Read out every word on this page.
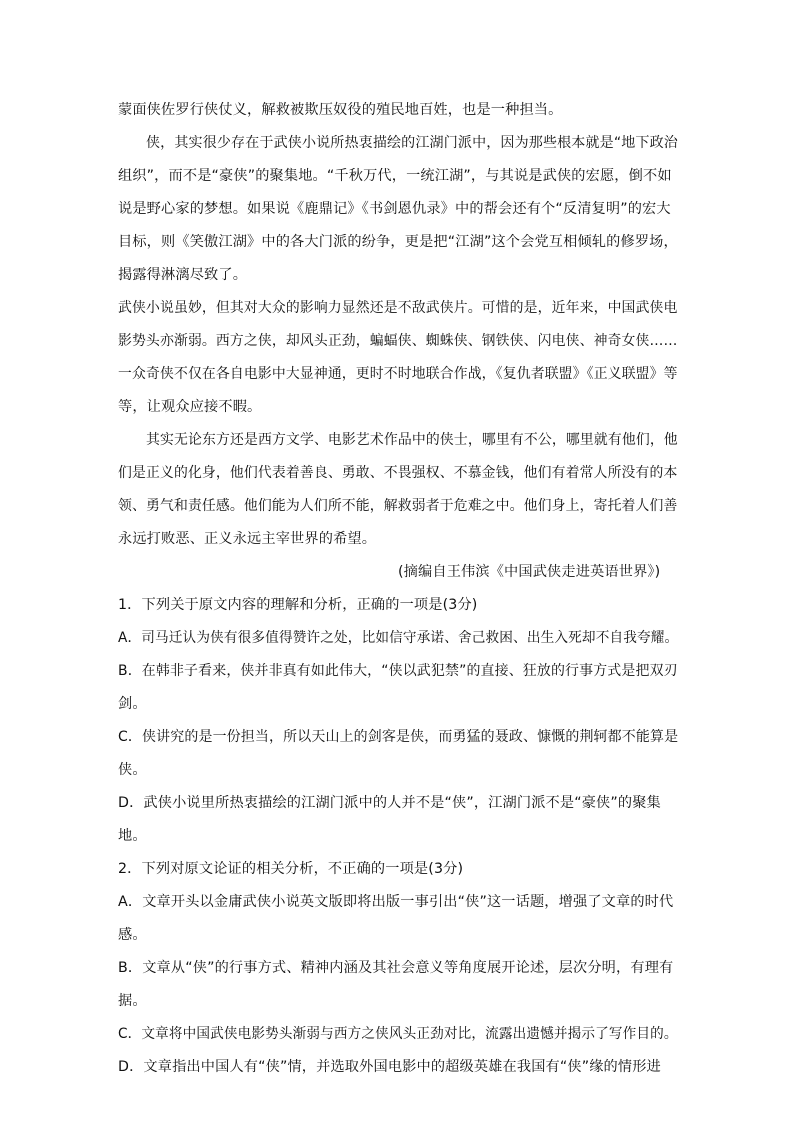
蒙面侠佐罗行侠仗义，解救被欺压奴役的殖民地百姓，也是一种担当。
侠，其实很少存在于武侠小说所热衷描绘的江湖门派中，因为那些根本就是“地下政治
组织”，而不是“豪侠”的聚集地。“千秋万代，一统江湖”，与其说是武侠的宏愿，倒不如
说是野心家的梦想。如果说《鹿鼎记》《书剑恩仇录》中的帮会还有个“反清复明”的宏大
目标，则《笑傲江湖》中的各大门派的纷争，更是把“江湖”这个会党互相倾轧的修罗场，
揭露得淋漓尽致了。
武侠小说虽妙，但其对大众的影响力显然还是不敌武侠片。可惜的是，近年来，中国武侠电
影势头亦渐弱。西方之侠，却风头正劲，蝙蝠侠、蜘蛛侠、钢铁侠、闪电侠、神奇女侠……
一众奇侠不仅在各自电影中大显神通，更时不时地联合作战，《复仇者联盟》《正义联盟》等
等，让观众应接不暇。
其实无论东方还是西方文学、电影艺术作品中的侠士，哪里有不公，哪里就有他们，他
们是正义的化身，他们代表着善良、勇敢、不畏强权、不慕金钱，他们有着常人所没有的本
领、勇气和责任感。他们能为人们所不能，解救弱者于危难之中。他们身上，寄托着人们善
永远打败恶、正义永远主宰世界的希望。
(摘编自王伟滨《中国武侠走进英语世界》)
1．下列关于原文内容的理解和分析，正确的一项是(3分)
A．司马迁认为侠有很多值得赞许之处，比如信守承诺、舍己救困、出生入死却不自我夸耀。
B．在韩非子看来，侠并非真有如此伟大，“侠以武犯禁”的直接、狂放的行事方式是把双刃
剑。
C．侠讲究的是一份担当，所以天山上的剑客是侠，而勇猛的聂政、慷慨的荆轲都不能算是
侠。
D．武侠小说里所热衷描绘的江湖门派中的人并不是“侠”，江湖门派不是“豪侠”的聚集
地。
2．下列对原文论证的相关分析，不正确的一项是(3分)
A．文章开头以金庸武侠小说英文版即将出版一事引出“侠”这一话题，增强了文章的时代
感。
B．文章从“侠”的行事方式、精神内涵及其社会意义等角度展开论述，层次分明，有理有
据。
C．文章将中国武侠电影势头渐弱与西方之侠风头正劲对比，流露出遗憾并揭示了写作目的。
D．文章指出中国人有“侠”情，并选取外国电影中的超级英雄在我国有“侠”缘的情形进
